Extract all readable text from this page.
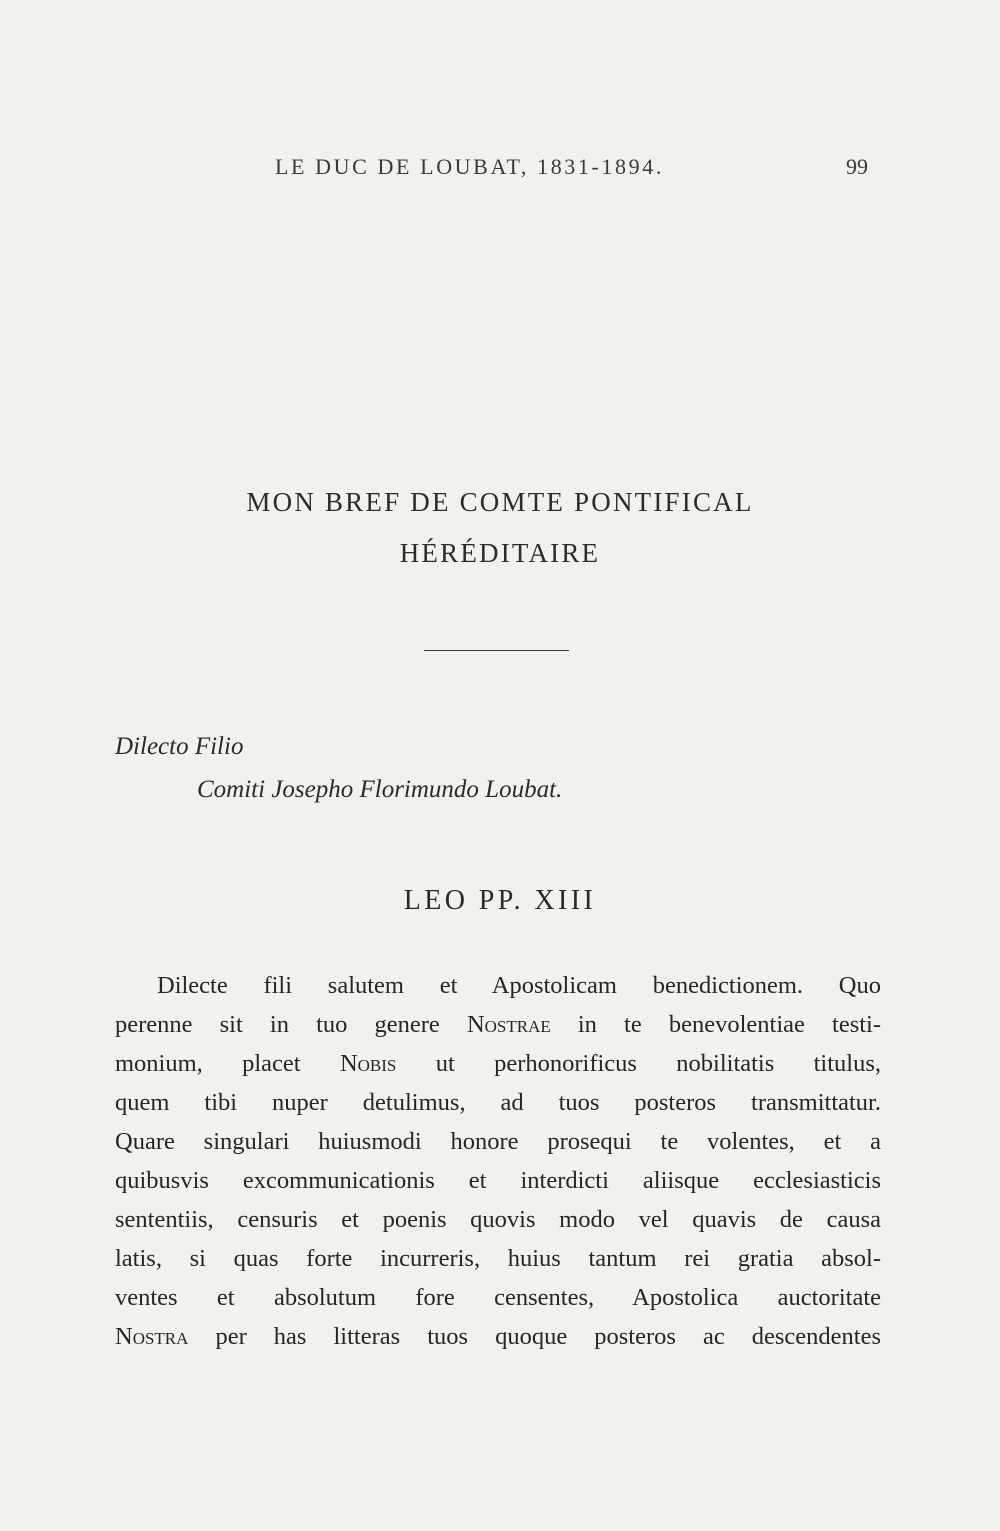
LE DUC DE LOUBAT, 1831-1894.	99
MON BREF DE COMTE PONTIFICAL
HÉRÉDITAIRE
Dilecto Filio
Comiti Josepho Florimundo Loubat.
LEO PP. XIII
Dilecte fili salutem et Apostolicam benedictionem. Quo
perenne sit in tuo genere Nostrae in te benevolentiae testi-
monium, placet Nobis ut perhonorificus nobilitatis titulus,
quem tibi nuper detulimus, ad tuos posteros transmittatur.
Quare singulari huiusmodi honore prosequi te volentes, et a
quibusvis excommunicationis et interdicti aliisque ecclesiasticis
sententiis, censuris et poenis quovis modo vel quavis de causa
latis, si quas forte incurreris, huius tantum rei gratia absol-
ventes et absolutum fore censentes, Apostolica auctoritate
Nostra per has litteras tuos quoque posteros ac descendentes
